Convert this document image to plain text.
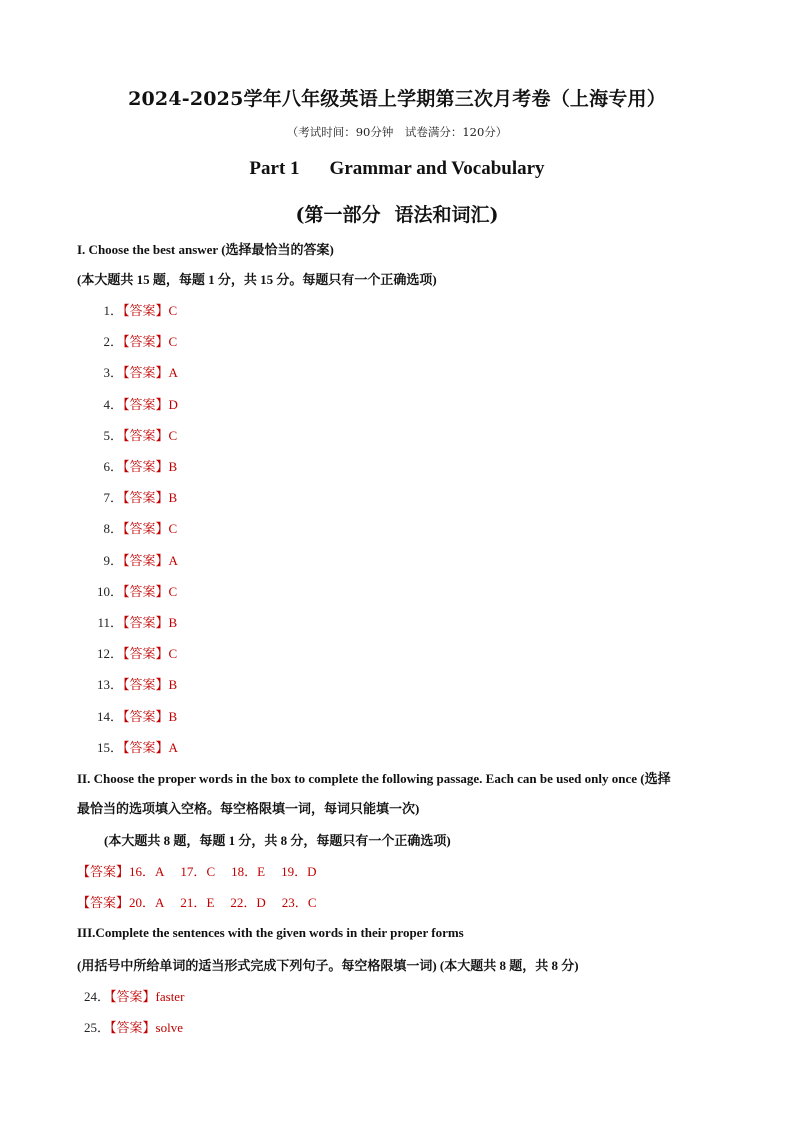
2024-2025学年八年级英语上学期第三次月考卷（上海专用）
（考试时间：90分钟　试卷满分：120分）
Part 1 Grammar and Vocabulary
(第一部分 语法和词汇)
I. Choose the best answer (选择最恰当的答案)
(本大题共 15 题，每题 1 分，共 15 分。每题只有一个正确选项)
1．【答案】C
2．【答案】C
3．【答案】A
4．【答案】D
5．【答案】C
6．【答案】B
7．【答案】B
8．【答案】C
9．【答案】A
10．【答案】C
11．【答案】B
12．【答案】C
13．【答案】B
14．【答案】B
15．【答案】A
II. Choose the proper words in the box to complete the following passage. Each can be used only once (选择
最恰当的选项填入空格。每空格限填一词，每词只能填一次)
(本大题共 8 题，每题 1 分，共 8 分，每题只有一个正确选项)
【答案】16．A 17．C 18．E 19．D
【答案】20．A 21．E 22．D 23．C
III.Complete the sentences with the given words in their proper forms
(用括号中所给单词的适当形式完成下列句子。每空格限填一词) (本大题共 8 题，共 8 分)
24．【答案】faster
25．【答案】solve
